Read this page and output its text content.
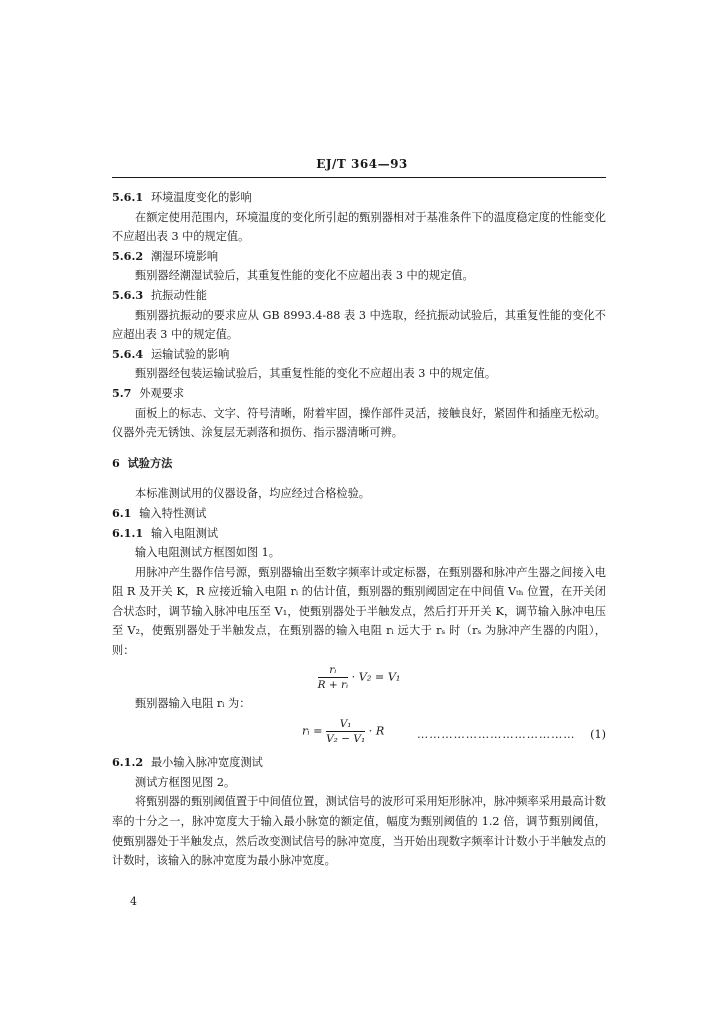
EJ/T 364—93

5.6.1 环境温度变化的影响

在额定使用范围内，环境温度的变化所引起的甄别器相对于基准条件下的温度稳定度的性能变化不应超出表 3 中的规定值。

5.6.2 潮湿环境影响

甄别器经潮湿试验后，其重复性能的变化不应超出表 3 中的规定值。

5.6.3 抗振动性能

甄别器抗振动的要求应从 GB 8993.4-88 表 3 中选取，经抗振动试验后，其重复性能的变化不应超出表 3 中的规定值。

5.6.4 运输试验的影响

甄别器经包装运输试验后，其重复性能的变化不应超出表 3 中的规定值。

5.7 外观要求

面板上的标志、文字、符号清晰，附着牢固，操作部件灵活，接触良好，紧固件和插座无松动。仪器外壳无锈蚀、涂复层无剥落和损伤、指示器清晰可辨。

6 试验方法

本标准测试用的仪器设备，均应经过合格检验。

6.1 输入特性测试

6.1.1 输入电阻测试

输入电阻测试方框图如图 1。

用脉冲产生器作信号源，甄别器输出至数字频率计或定标器，在甄别器和脉冲产生器之间接入电阻 R 及开关 K，R 应接近输入电阻 rᵢ 的估计值，甄别器的甄别阈固定在中间值 Vₜₕ 位置，在开关闭合状态时，调节输入脉冲电压至 V₁，使甄别器处于半触发点，然后打开开关 K，调节输入脉冲电压至 V₂，使甄别器处于半触发点，在甄别器的输入电阻 rᵢ 远大于 rₛ 时（rₛ 为脉冲产生器的内阻），则：

$\frac{\text{rᵢ}}{\text{R + rᵢ}} \cdot V_2 = V_1$

甄别器输入电阻 rᵢ 为：

rᵢ = $\frac{\text{V₁}}{\text{V₂ − V₁}} \cdot R$	………………………………… (1)

6.1.2 最小输入脉冲宽度测试

测试方框图见图 2。

将甄别器的甄别阈值置于中间值位置，测试信号的波形可采用矩形脉冲，脉冲频率采用最高计数率的十分之一，脉冲宽度大于输入最小脉宽的额定值，幅度为甄别阈值的 1.2 倍，调节甄别阈值，使甄别器处于半触发点，然后改变测试信号的脉冲宽度，当开始出现数字频率计计数小于半触发点的计数时，该输入的脉冲宽度为最小脉冲宽度。

4
